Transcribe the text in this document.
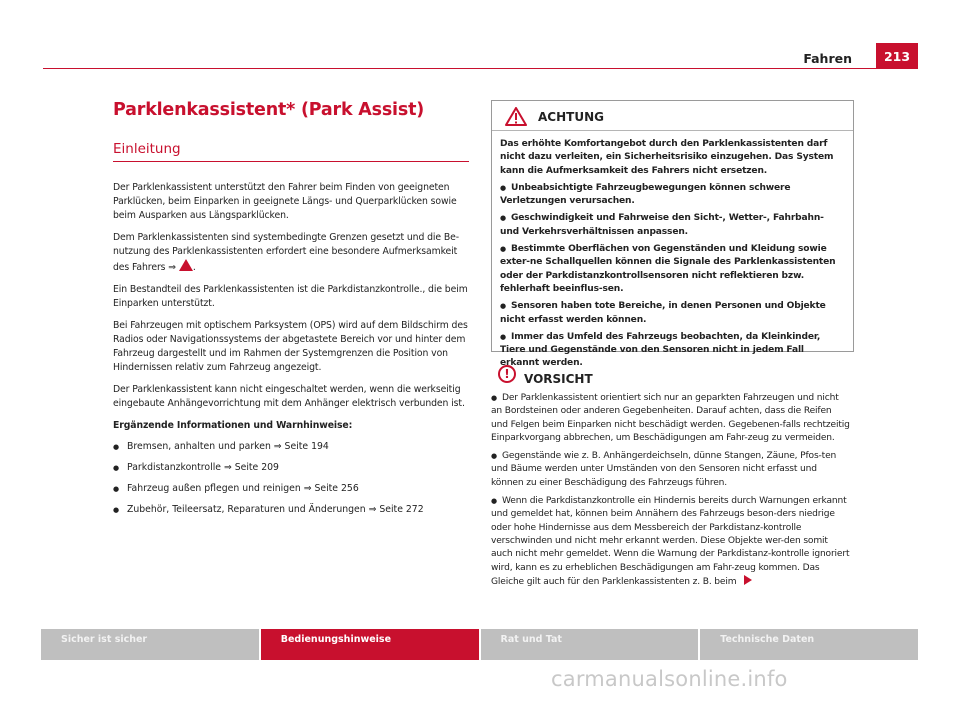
Fahren	213
Parklenkassistent* (Park Assist)
Einleitung

Der Parklenkassistent unterstützt den Fahrer beim Finden von geeigneten Parklücken, beim Einparken in geeignete Längs- und Querparklücken sowie beim Ausparken aus Längsparklücken.

Dem Parklenkassistenten sind systembedingte Grenzen gesetzt und die Be-nutzung des Parklenkassistenten erfordert eine besondere Aufmerksamkeit des Fahrers ⇒ .

Ein Bestandteil des Parklenkassistenten ist die Parkdistanzkontrolle., die beim Einparken unterstützt.

Bei Fahrzeugen mit optischem Parksystem (OPS) wird auf dem Bildschirm des Radios oder Navigationssystems der abgetastete Bereich vor und hinter dem Fahrzeug dargestellt und im Rahmen der Systemgrenzen die Position von Hindernissen relativ zum Fahrzeug angezeigt.

Der Parklenkassistent kann nicht eingeschaltet werden, wenn die werkseitig eingebaute Anhängevorrichtung mit dem Anhänger elektrisch verbunden ist.

Ergänzende Informationen und Warnhinweise:

● Bremsen, anhalten und parken ⇒ Seite 194
● Parkdistanzkontrolle ⇒ Seite 209
● Fahrzeug außen pflegen und reinigen ⇒ Seite 256
● Zubehör, Teileersatz, Reparaturen und Änderungen ⇒ Seite 272
ACHTUNG

Das erhöhte Komfortangebot durch den Parklenkassistenten darf nicht dazu verleiten, ein Sicherheitsrisiko einzugehen. Das System kann die Aufmerksamkeit des Fahrers nicht ersetzen.

● Unbeabsichtigte Fahrzeugbewegungen können schwere Verletzungen verursachen.

● Geschwindigkeit und Fahrweise den Sicht-, Wetter-, Fahrbahn- und Verkehrsverhältnissen anpassen.

● Bestimmte Oberflächen von Gegenständen und Kleidung sowie exter-ne Schallquellen können die Signale des Parklenkassistenten oder der Parkdistanzkontrollsensoren nicht reflektieren bzw. fehlerhaft beeinflus-sen.

● Sensoren haben tote Bereiche, in denen Personen und Objekte nicht erfasst werden können.

● Immer das Umfeld des Fahrzeugs beobachten, da Kleinkinder, Tiere und Gegenstände von den Sensoren nicht in jedem Fall erkannt werden.

!	VORSICHT

● Der Parklenkassistent orientiert sich nur an geparkten Fahrzeugen und nicht an Bordsteinen oder anderen Gegebenheiten. Darauf achten, dass die Reifen und Felgen beim Einparken nicht beschädigt werden. Gegebenen-falls rechtzeitig Einparkvorgang abbrechen, um Beschädigungen am Fahr-zeug zu vermeiden.

● Gegenstände wie z. B. Anhängerdeichseln, dünne Stangen, Zäune, Pfos-ten und Bäume werden unter Umständen von den Sensoren nicht erfasst und können zu einer Beschädigung des Fahrzeugs führen.

● Wenn die Parkdistanzkontrolle ein Hindernis bereits durch Warnungen erkannt und gemeldet hat, können beim Annähern des Fahrzeugs beson-ders niedrige oder hohe Hindernisse aus dem Messbereich der Parkdistanz-kontrolle verschwinden und nicht mehr erkannt werden. Diese Objekte wer-den somit auch nicht mehr gemeldet. Wenn die Warnung der Parkdistanz-kontrolle ignoriert wird, kann es zu erheblichen Beschädigungen am Fahr-zeug kommen. Das Gleiche gilt auch für den Parklenkassistenten z. B. beim

Sicher ist sicher	Bedienungshinweise	Rat und Tat	Technische Daten
carmanualsonline.info
